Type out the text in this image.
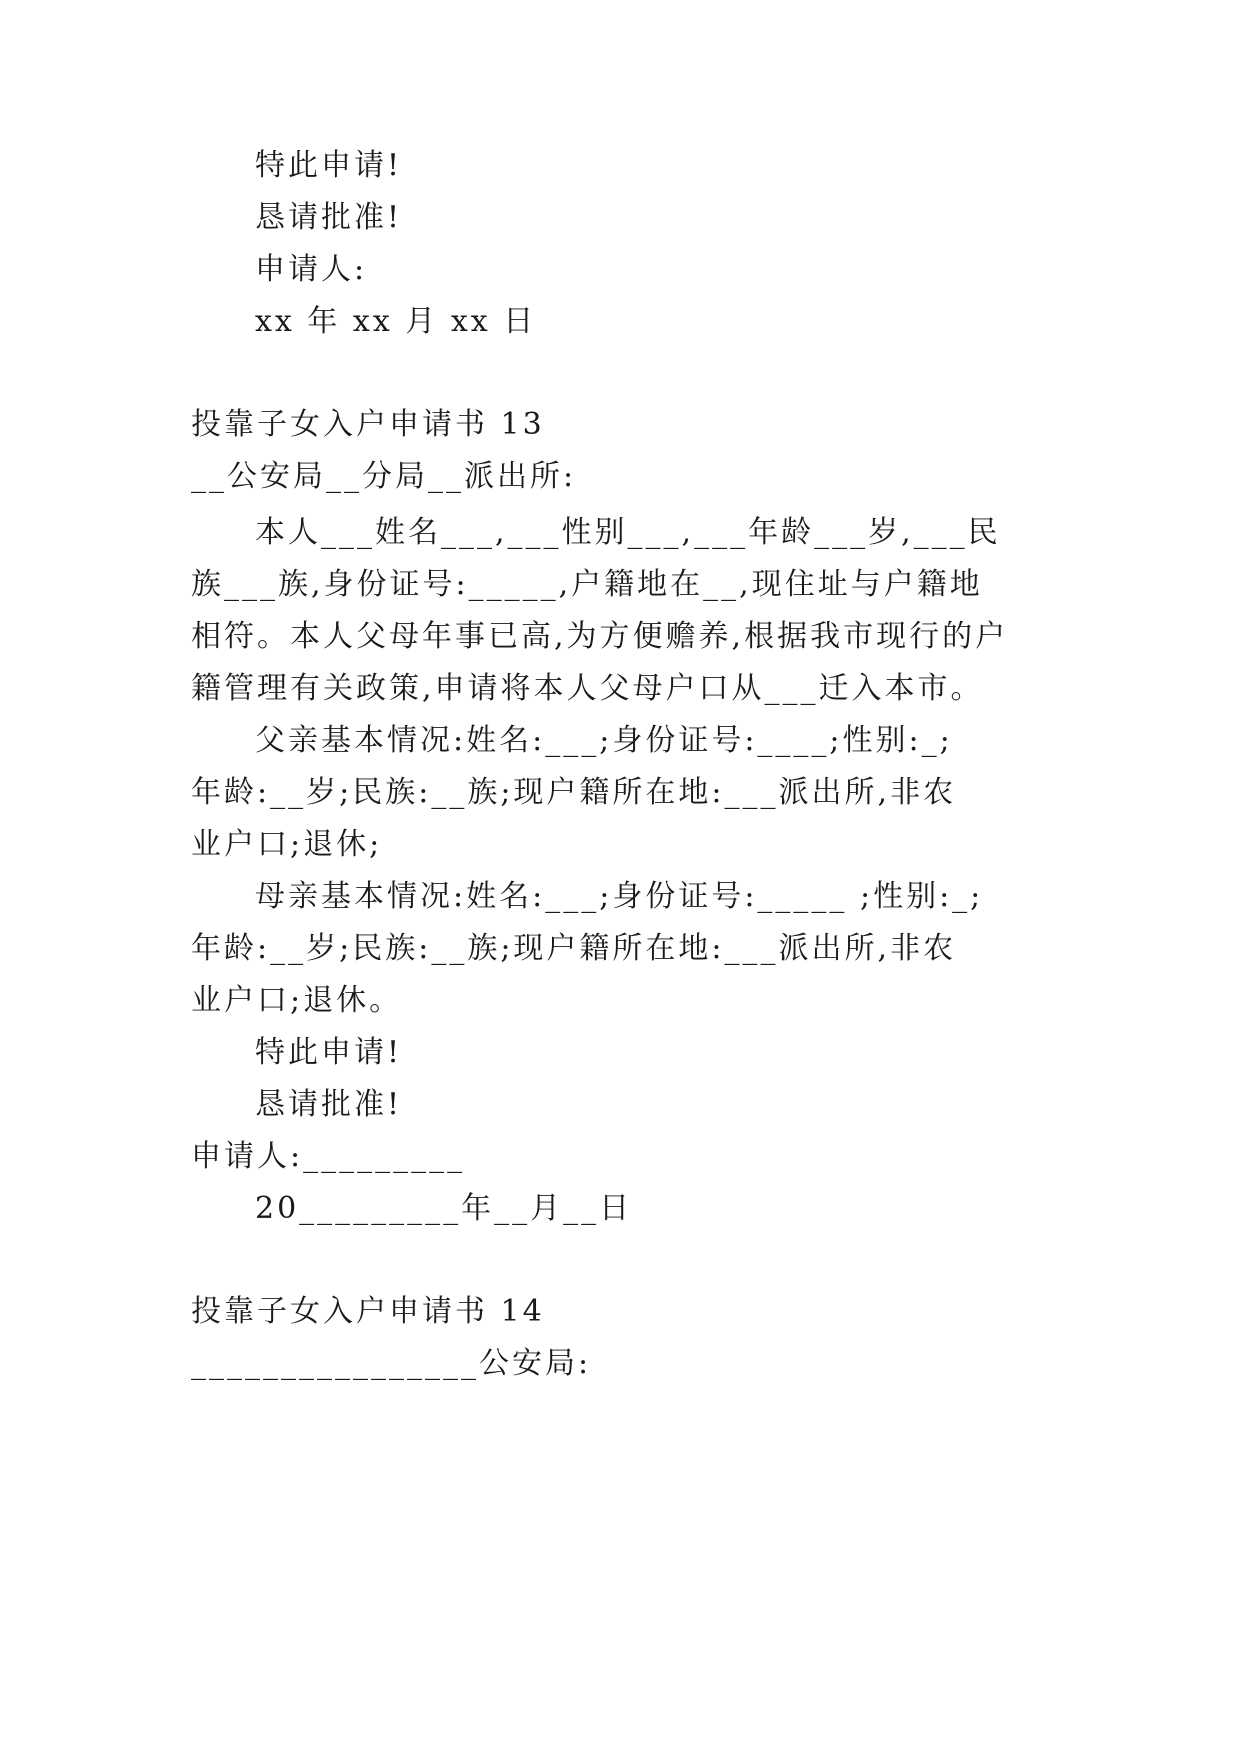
特此申请!

恳请批准!

申请人:

xx 年 xx 月 xx 日

投靠子女入户申请书 13

__公安局__分局__派出所:

本人___姓名___,___性别___,___年龄___岁,___民

族___族,身份证号:_____,户籍地在__,现住址与户籍地

相符。本人父母年事已高,为方便赡养,根据我市现行的户

籍管理有关政策,申请将本人父母户口从___迁入本市。

父亲基本情况:姓名:___;身份证号:____;性别:_;

年龄:__岁;民族:__族;现户籍所在地:___派出所,非农

业户口;退休;

母亲基本情况:姓名:___;身份证号:_____ ;性别:_;

年龄:__岁;民族:__族;现户籍所在地:___派出所,非农

业户口;退休。

特此申请!

恳请批准!

申请人:_________

20_________年__月__日

投靠子女入户申请书 14

________________公安局:
